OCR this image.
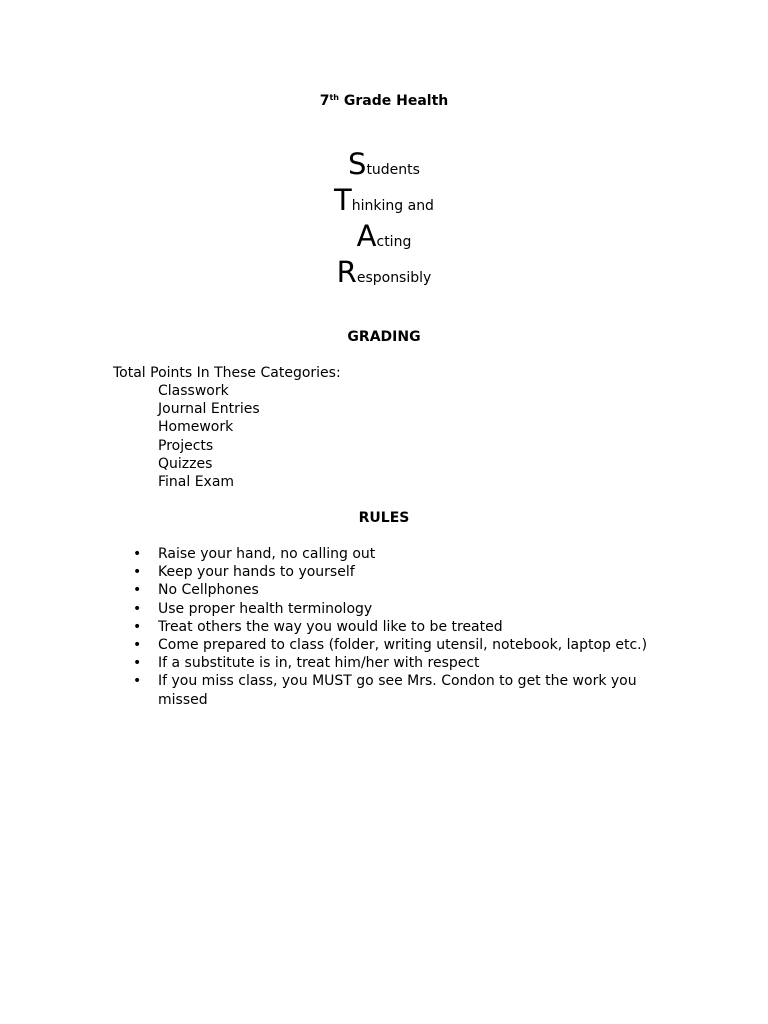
7th Grade Health
Students
Thinking and
Acting
Responsibly
GRADING
Total Points In These Categories:
Classwork
Journal Entries
Homework
Projects
Quizzes
Final Exam
RULES
• Raise your hand, no calling out
• Keep your hands to yourself
• No Cellphones
• Use proper health terminology
• Treat others the way you would like to be treated
• Come prepared to class (folder, writing utensil, notebook, laptop etc.)
• If a substitute is in, treat him/her with respect
• If you miss class, you MUST go see Mrs. Condon to get the work you missed
